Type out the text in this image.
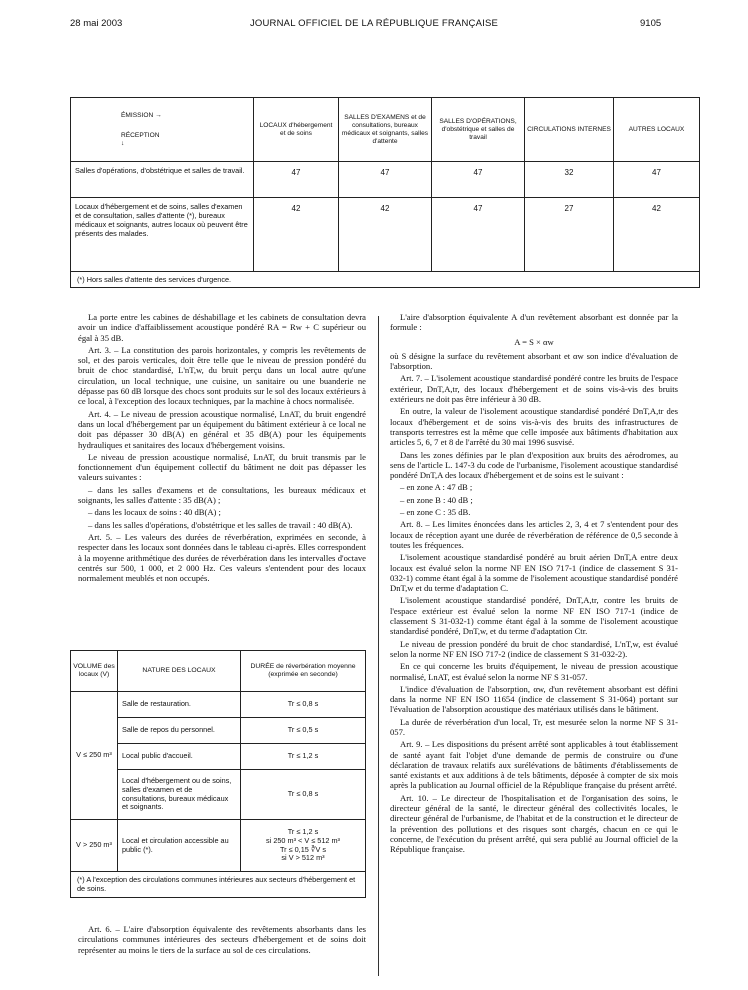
28 mai 2003	JOURNAL OFFICIEL DE LA RÉPUBLIQUE FRANÇAISE	9105
ÉMISSION →
RÉCEPTION
↓	LOCAUX d'hébergement et de soins	SALLES D'EXAMENS et de consultations, bureaux médicaux et soignants, salles d'attente	SALLES D'OPÉRATIONS, d'obstétrique et salles de travail	CIRCULATIONS INTERNES	AUTRES LOCAUX
Salles d'opérations, d'obstétrique et salles de travail.	47	47	47	32	47
Locaux d'hébergement et de soins, salles d'examen et de consultation, salles d'attente (*), bureaux médicaux et soignants, autres locaux où peuvent être présents des malades.	42	42	47	27	42
(*) Hors salles d'attente des services d'urgence.					

La porte entre les cabines de déshabillage et les cabinets de consultation devra avoir un indice d'affaiblissement acoustique pondéré RA = Rw + C supérieur ou égal à 35 dB.

Art. 3. – La constitution des parois horizontales, y compris les revêtements de sol, et des parois verticales, doit être telle que le niveau de pression pondéré du bruit de choc standardisé, L'nT,w, du bruit perçu dans un local autre qu'une circulation, un local technique, une cuisine, un sanitaire ou une buanderie ne dépasse pas 60 dB lorsque des chocs sont produits sur le sol des locaux extérieurs à ce local, à l'exception des locaux techniques, par la machine à chocs normalisée.

Art. 4. – Le niveau de pression acoustique normalisé, LnAT, du bruit engendré dans un local d'hébergement par un équipement du bâtiment extérieur à ce local ne doit pas dépasser 30 dB(A) en général et 35 dB(A) pour les équipements hydrauliques et sanitaires des locaux d'hébergement voisins.

Le niveau de pression acoustique normalisé, LnAT, du bruit transmis par le fonctionnement d'un équipement collectif du bâtiment ne doit pas dépasser les valeurs suivantes :

– dans les salles d'examens et de consultations, les bureaux médicaux et soignants, les salles d'attente : 35 dB(A) ;

– dans les locaux de soins : 40 dB(A) ;

– dans les salles d'opérations, d'obstétrique et les salles de travail : 40 dB(A).

Art. 5. – Les valeurs des durées de réverbération, exprimées en seconde, à respecter dans les locaux sont données dans le tableau ci-après. Elles correspondent à la moyenne arithmétique des durées de réverbération dans les intervalles d'octave centrés sur 500, 1 000, et 2 000 Hz. Ces valeurs s'entendent pour des locaux normalement meublés et non occupés.

VOLUME des locaux (V)	NATURE DES LOCAUX	DURÉE de réverbération moyenne (exprimée en seconde)
V ≤ 250 m³	Salle de restauration.	Tr ≤ 0,8 s
	Salle de repos du personnel.	Tr ≤ 0,5 s
	Local public d'accueil.	Tr ≤ 1,2 s
	Local d'hébergement ou de soins, salles d'examen et de consultations, bureaux médicaux et soignants.	Tr ≤ 0,8 s
V > 250 m³	Local et circulation accessible au public (*).	Tr ≤ 1,2 s
si 250 m³ < V ≤ 512 m³
Tr ≤ 0,15 ∛V s
si V > 512 m³

(*) A l'exception des circulations communes intérieures aux secteurs d'hébergement et de soins.		

Art. 6. – L'aire d'absorption équivalente des revêtements absorbants dans les circulations communes intérieures des secteurs d'hébergement et de soins doit représenter au moins le tiers de la surface au sol de ces circulations.

L'aire d'absorption équivalente A d'un revêtement absorbant est donnée par la formule :

A = S × αw

où S désigne la surface du revêtement absorbant et αw son indice d'évaluation de l'absorption.

Art. 7. – L'isolement acoustique standardisé pondéré contre les bruits de l'espace extérieur, DnT,A,tr, des locaux d'hébergement et de soins vis-à-vis des bruits extérieurs ne doit pas être inférieur à 30 dB.

En outre, la valeur de l'isolement acoustique standardisé pondéré DnT,A,tr des locaux d'hébergement et de soins vis-à-vis des bruits des infrastructures de transports terrestres est la même que celle imposée aux bâtiments d'habitation aux articles 5, 6, 7 et 8 de l'arrêté du 30 mai 1996 susvisé.

Dans les zones définies par le plan d'exposition aux bruits des aérodromes, au sens de l'article L. 147-3 du code de l'urbanisme, l'isolement acoustique standardisé pondéré DnT,A des locaux d'hébergement et de soins est le suivant :

– en zone A : 47 dB ;

– en zone B : 40 dB ;

– en zone C : 35 dB.

Art. 8. – Les limites énoncées dans les articles 2, 3, 4 et 7 s'entendent pour des locaux de réception ayant une durée de réverbération de référence de 0,5 seconde à toutes les fréquences.

L'isolement acoustique standardisé pondéré au bruit aérien DnT,A entre deux locaux est évalué selon la norme NF EN ISO 717-1 (indice de classement S 31-032-1) comme étant égal à la somme de l'isolement acoustique standardisé pondéré DnT,w et du terme d'adaptation C.

L'isolement acoustique standardisé pondéré, DnT,A,tr, contre les bruits de l'espace extérieur est évalué selon la norme NF EN ISO 717-1 (indice de classement S 31-032-1) comme étant égal à la somme de l'isolement acoustique standardisé pondéré, DnT,w, et du terme d'adaptation Ctr.

Le niveau de pression pondéré du bruit de choc standardisé, L'nT,w, est évalué selon la norme NF EN ISO 717-2 (indice de classement S 31-032-2).

En ce qui concerne les bruits d'équipement, le niveau de pression acoustique normalisé, LnAT, est évalué selon la norme NF S 31-057.

L'indice d'évaluation de l'absorption, αw, d'un revêtement absorbant est défini dans la norme NF EN ISO 11654 (indice de classement S 31-064) portant sur l'évaluation de l'absorption acoustique des matériaux utilisés dans le bâtiment.

La durée de réverbération d'un local, Tr, est mesurée selon la norme NF S 31-057.

Art. 9. – Les dispositions du présent arrêté sont applicables à tout établissement de santé ayant fait l'objet d'une demande de permis de construire ou d'une déclaration de travaux relatifs aux surélévations de bâtiments d'établissements de santé existants et aux additions à de tels bâtiments, déposée à compter de six mois après la publication au Journal officiel de la République française du présent arrêté.

Art. 10. – Le directeur de l'hospitalisation et de l'organisation des soins, le directeur général de la santé, le directeur général des collectivités locales, le directeur général de l'urbanisme, de l'habitat et de la construction et le directeur de la prévention des pollutions et des risques sont chargés, chacun en ce qui le concerne, de l'exécution du présent arrêté, qui sera publié au Journal officiel de la République française.
